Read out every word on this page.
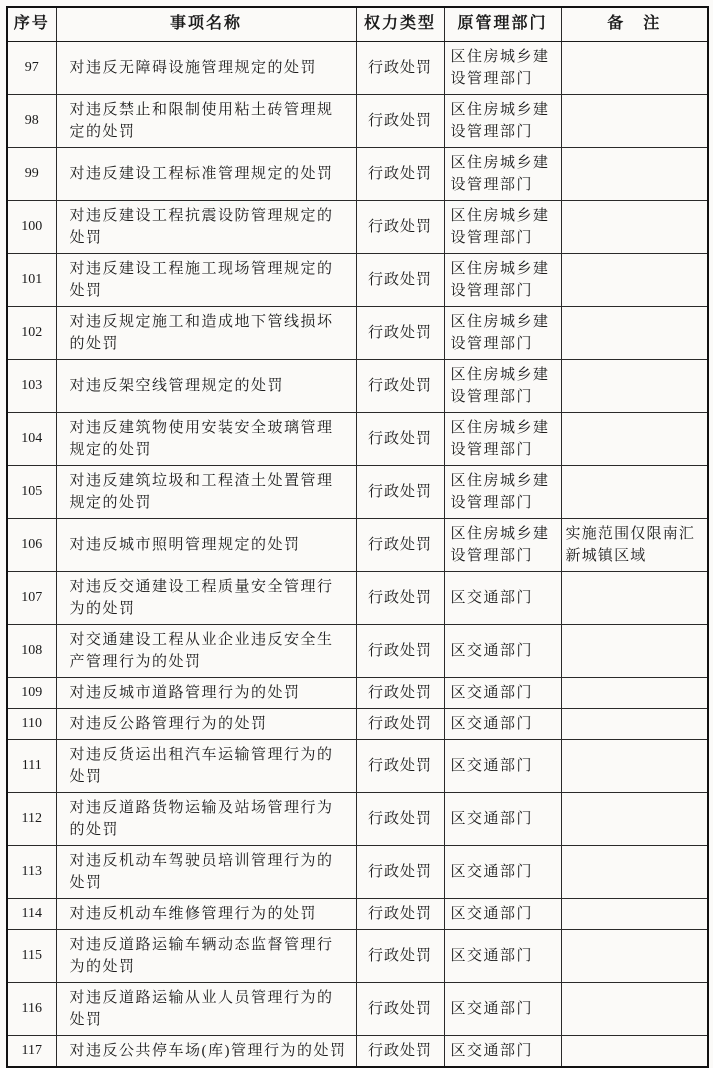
序号	事项名称	权力类型	原管理部门	备　注
97	对违反无障碍设施管理规定的处罚	行政处罚	区住房城乡建设管理部门	
98	对违反禁止和限制使用粘土砖管理规定的处罚	行政处罚	区住房城乡建设管理部门	
99	对违反建设工程标准管理规定的处罚	行政处罚	区住房城乡建设管理部门	
100	对违反建设工程抗震设防管理规定的处罚	行政处罚	区住房城乡建设管理部门	
101	对违反建设工程施工现场管理规定的处罚	行政处罚	区住房城乡建设管理部门	
102	对违反规定施工和造成地下管线损坏的处罚	行政处罚	区住房城乡建设管理部门	
103	对违反架空线管理规定的处罚	行政处罚	区住房城乡建设管理部门	
104	对违反建筑物使用安装安全玻璃管理规定的处罚	行政处罚	区住房城乡建设管理部门	
105	对违反建筑垃圾和工程渣土处置管理规定的处罚	行政处罚	区住房城乡建设管理部门	
106	对违反城市照明管理规定的处罚	行政处罚	区住房城乡建设管理部门	实施范围仅限南汇新城镇区域
107	对违反交通建设工程质量安全管理行为的处罚	行政处罚	区交通部门	
108	对交通建设工程从业企业违反安全生产管理行为的处罚	行政处罚	区交通部门	
109	对违反城市道路管理行为的处罚	行政处罚	区交通部门	
110	对违反公路管理行为的处罚	行政处罚	区交通部门	
111	对违反货运出租汽车运输管理行为的处罚	行政处罚	区交通部门	
112	对违反道路货物运输及站场管理行为的处罚	行政处罚	区交通部门	
113	对违反机动车驾驶员培训管理行为的处罚	行政处罚	区交通部门	
114	对违反机动车维修管理行为的处罚	行政处罚	区交通部门	
115	对违反道路运输车辆动态监督管理行为的处罚	行政处罚	区交通部门	
116	对违反道路运输从业人员管理行为的处罚	行政处罚	区交通部门	
117	对违反公共停车场(库)管理行为的处罚	行政处罚	区交通部门	
